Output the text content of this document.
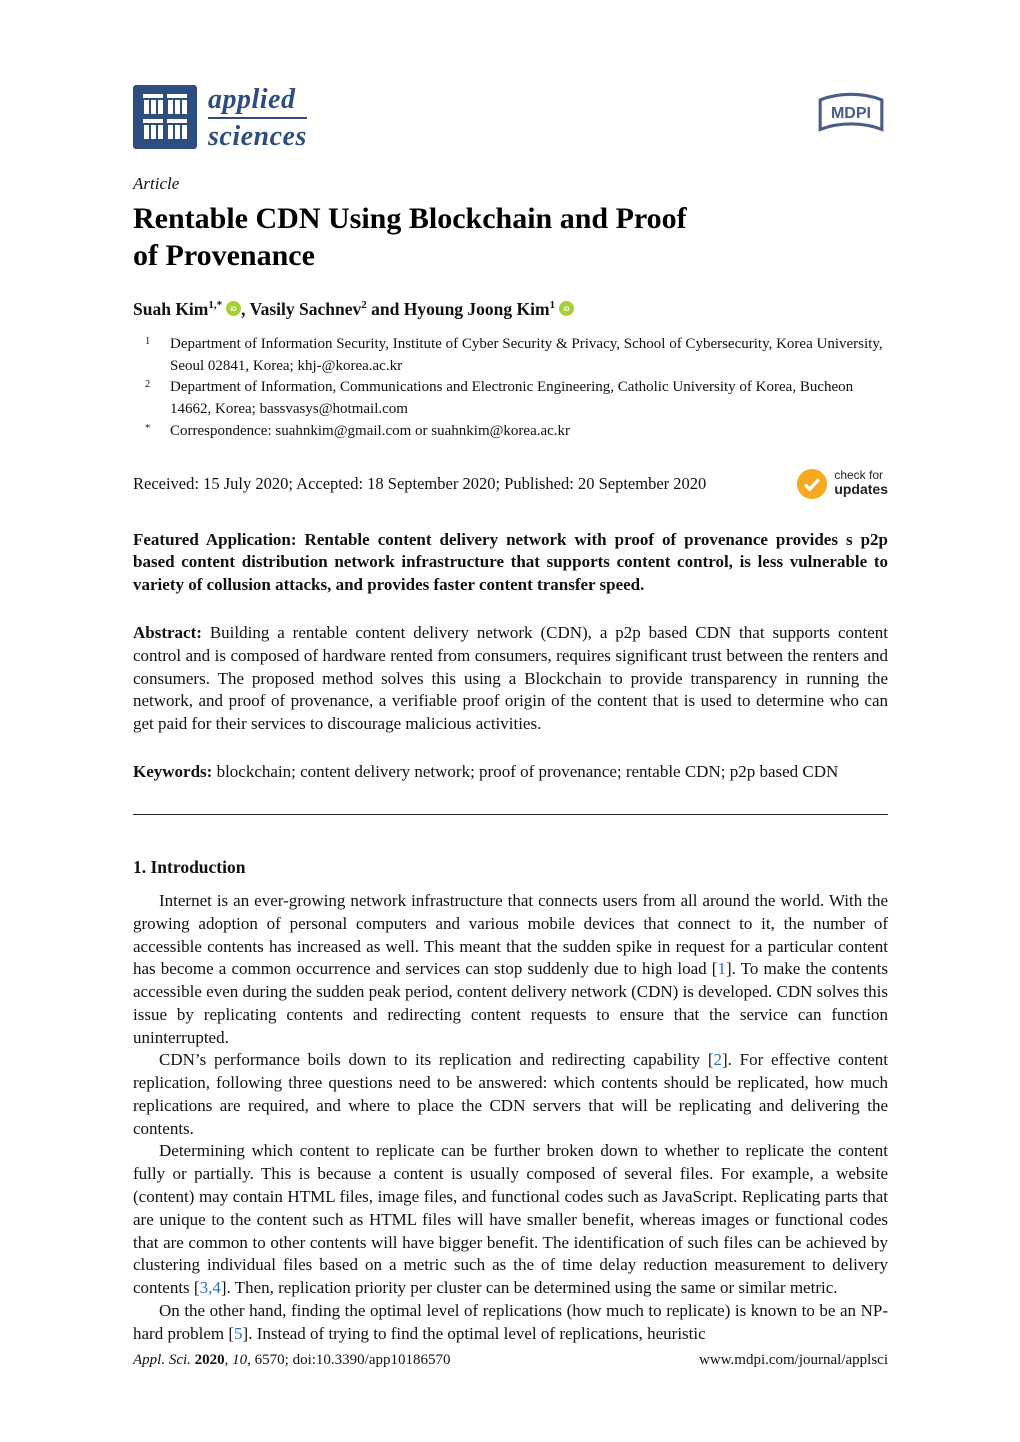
applied
sciences
MDPI
Article
Rentable CDN Using Blockchain and Proof
of Provenance
Suah Kim$^{1,*}$ iD , Vasily Sachnev$^2$ and Hyoung Joong Kim$^1$ iD
$^1$	Department of Information Security, Institute of Cyber Security & Privacy, School of Cybersecurity, Korea University, Seoul 02841, Korea; khj-@korea.ac.kr
$^2$	Department of Information, Communications and Electronic Engineering, Catholic University of Korea, Bucheon 14662, Korea; bassvasys@hotmail.com
*	Correspondence: suahnkim@gmail.com or suahnkim@korea.ac.kr
Received: 15 July 2020; Accepted: 18 September 2020; Published: 20 September 2020	check for
updates

Featured Application: Rentable content delivery network with proof of provenance provides s p2p based content distribution network infrastructure that supports content control, is less vulnerable to variety of collusion attacks, and provides faster content transfer speed.

Abstract: Building a rentable content delivery network (CDN), a p2p based CDN that supports content control and is composed of hardware rented from consumers, requires significant trust between the renters and consumers. The proposed method solves this using a Blockchain to provide transparency in running the network, and proof of provenance, a verifiable proof origin of the content that is used to determine who can get paid for their services to discourage malicious activities.

Keywords: blockchain; content delivery network; proof of provenance; rentable CDN; p2p based CDN

1. Introduction

Internet is an ever-growing network infrastructure that connects users from all around the world. With the growing adoption of personal computers and various mobile devices that connect to it, the number of accessible contents has increased as well. This meant that the sudden spike in request for a particular content has become a common occurrence and services can stop suddenly due to high load [1]. To make the contents accessible even during the sudden peak period, content delivery network (CDN) is developed. CDN solves this issue by replicating contents and redirecting content requests to ensure that the service can function uninterrupted.

CDN’s performance boils down to its replication and redirecting capability [2]. For effective content replication, following three questions need to be answered: which contents should be replicated, how much replications are required, and where to place the CDN servers that will be replicating and delivering the contents.

Determining which content to replicate can be further broken down to whether to replicate the content fully or partially. This is because a content is usually composed of several files. For example, a website (content) may contain HTML files, image files, and functional codes such as JavaScript. Replicating parts that are unique to the content such as HTML files will have smaller benefit, whereas images or functional codes that are common to other contents will have bigger benefit. The identification of such files can be achieved by clustering individual files based on a metric such as the of time delay reduction measurement to delivery contents [3,4]. Then, replication priority per cluster can be determined using the same or similar metric.

On the other hand, finding the optimal level of replications (how much to replicate) is known to be an NP-hard problem [5]. Instead of trying to find the optimal level of replications, heuristic

Appl. Sci. 2020, 10, 6570; doi:10.3390/app10186570	www.mdpi.com/journal/applsci
